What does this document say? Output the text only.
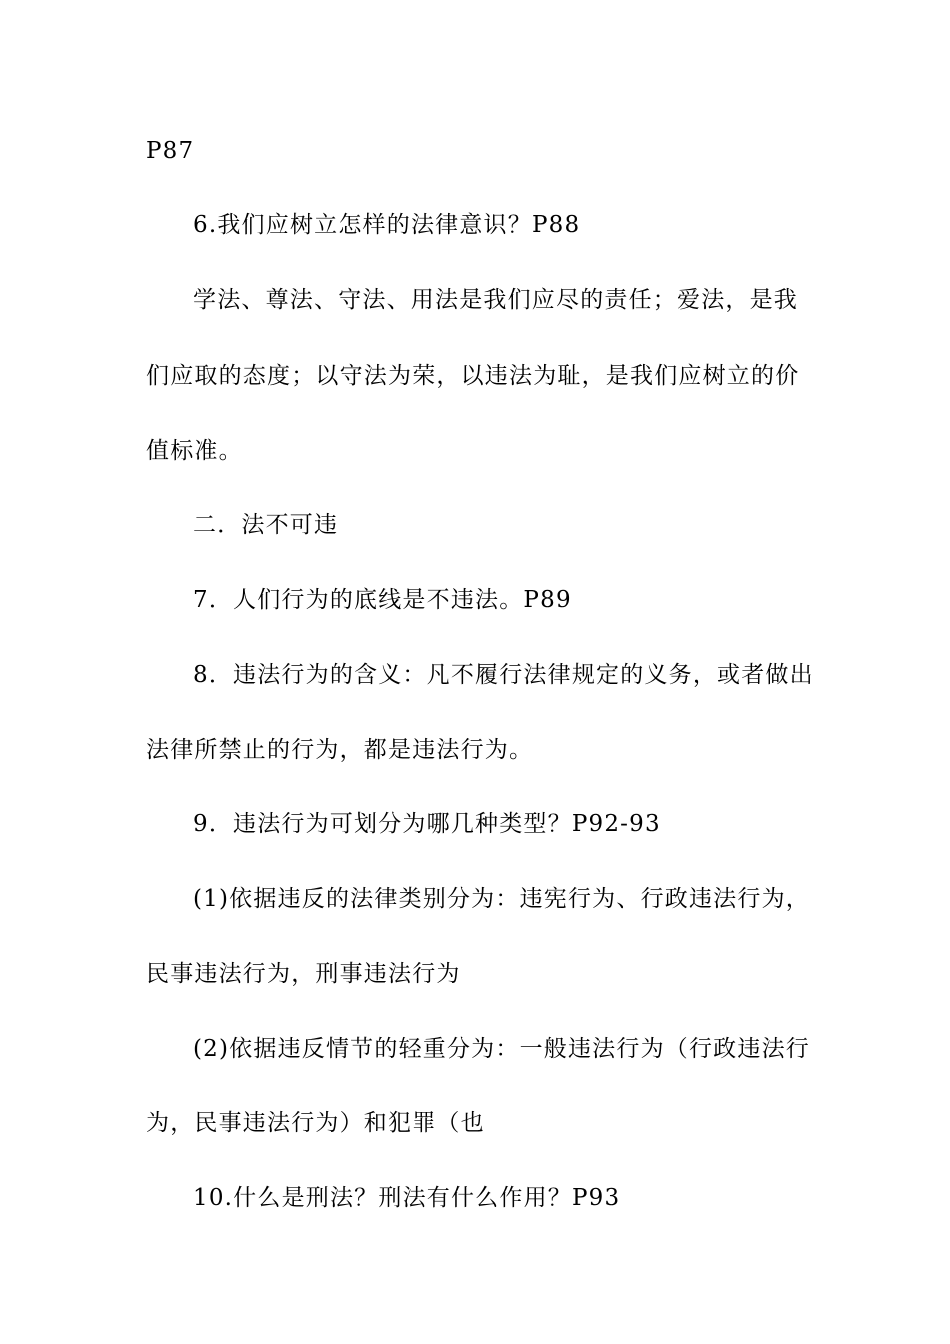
P87
6.我们应树立怎样的法律意识？P88
学法、尊法、守法、用法是我们应尽的责任；爱法，是我
们应取的态度；以守法为荣，以违法为耻，是我们应树立的价
值标准。
二．法不可违
7．人们行为的底线是不违法。P89
8．违法行为的含义：凡不履行法律规定的义务，或者做出
法律所禁止的行为，都是违法行为。
9．违法行为可划分为哪几种类型？P92-93
(1)依据违反的法律类别分为：违宪行为、行政违法行为，
民事违法行为，刑事违法行为
(2)依据违反情节的轻重分为：一般违法行为（行政违法行
为，民事违法行为）和犯罪（也
10.什么是刑法？刑法有什么作用？P93
